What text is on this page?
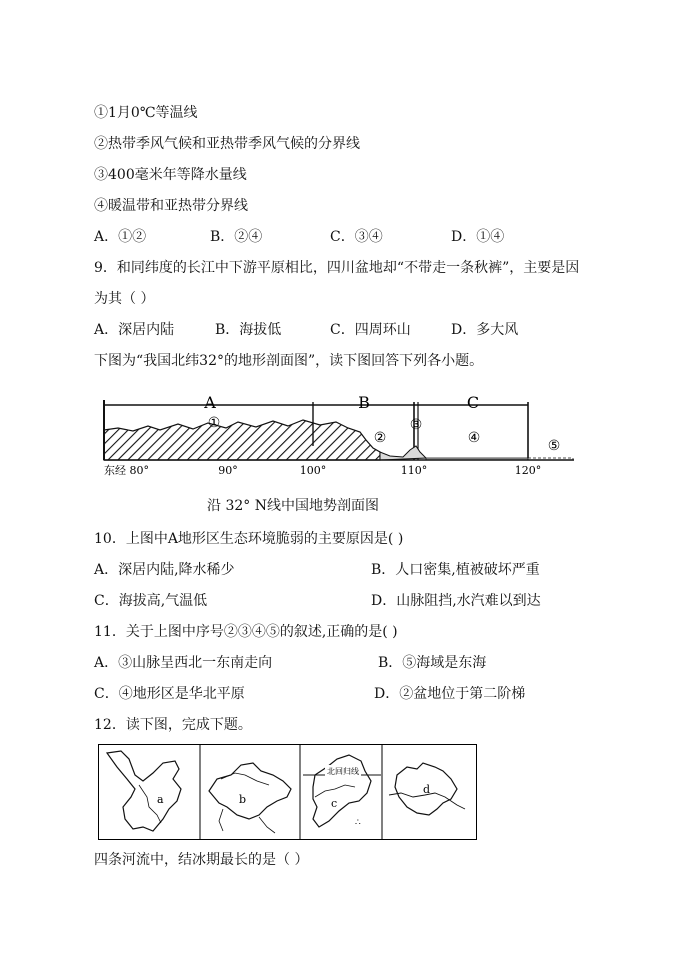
①1月0℃等温线
②热带季风气候和亚热带季风气候的分界线
③400毫米年等降水量线
④暖温带和亚热带分界线
A．①②	B．②④	C．③④	D．①④
9．和同纬度的长江中下游平原相比，四川盆地却“不带走一条秋裤”，主要是因
为其（ ）
A．深居内陆	B．海拔低	C．四周环山	D．多大风
下图为“我国北纬32°的地形剖面图”，读下图回答下列各小题。
A	B	C
①
②
③
④	⑤
东经 80°	90°	100°	110°	120°
沿 32° N线中国地势剖面图
10．上图中A地形区生态环境脆弱的主要原因是( )
A．深居内陆,降水稀少	B．人口密集,植被破坏严重
C．海拔高,气温低	D．山脉阻挡,水汽难以到达
11．关于上图中序号②③④⑤的叙述,正确的是( )
A．③山脉呈西北一东南走向	B．⑤海域是东海
C．④地形区是华北平原	D．②盆地位于第二阶梯
12．读下图，完成下题。
a	b
北回归线
c
∴
d
四条河流中，结冰期最长的是（ ）
